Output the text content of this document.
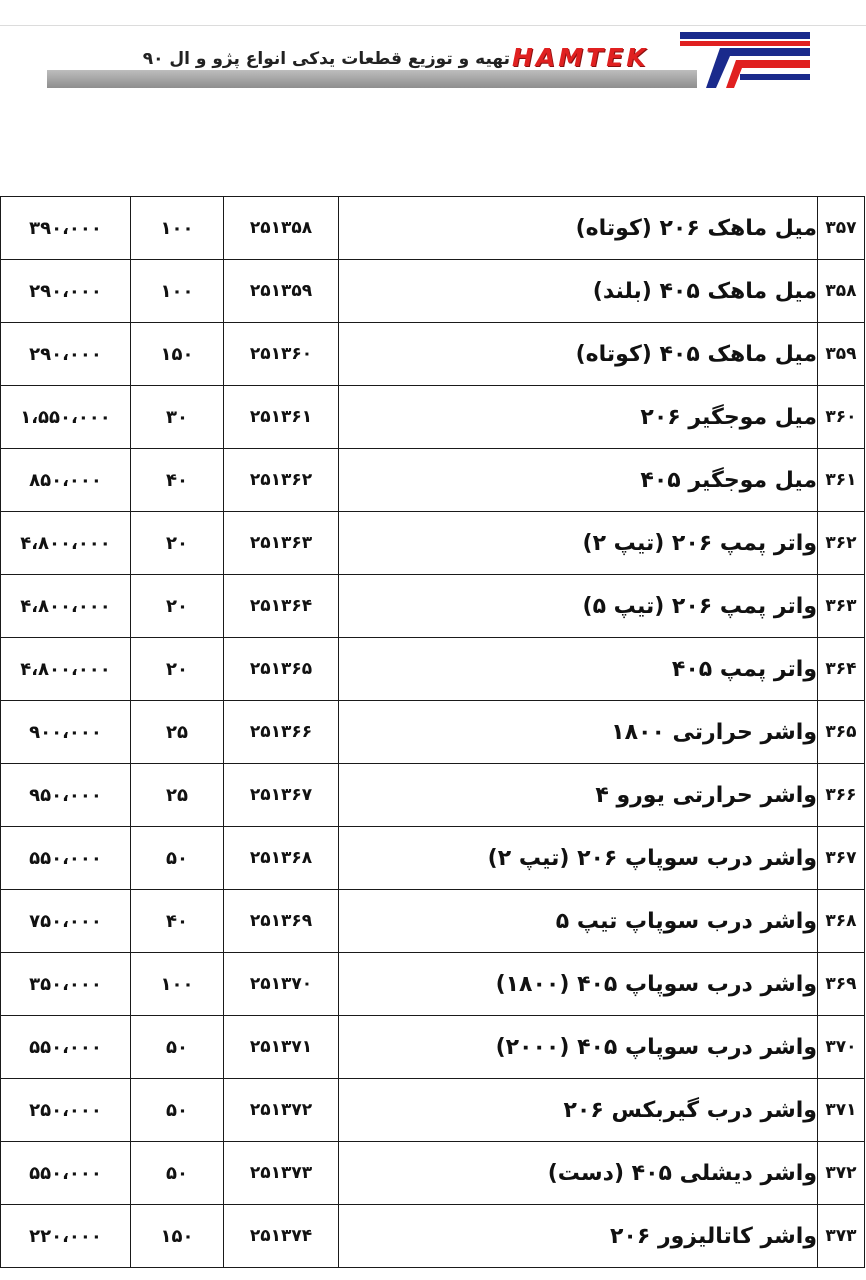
تهیه و توزیع قطعات یدکی انواع پژو و ال ۹۰ HAMTEK
۳۵۷	میل ماهک ۲۰۶ (کوتاه)	۲۵۱۳۵۸	۱۰۰	۳۹۰،۰۰۰
۳۵۸	میل ماهک ۴۰۵ (بلند)	۲۵۱۳۵۹	۱۰۰	۲۹۰،۰۰۰
۳۵۹	میل ماهک ۴۰۵ (کوتاه)	۲۵۱۳۶۰	۱۵۰	۲۹۰،۰۰۰
۳۶۰	میل موجگیر ۲۰۶	۲۵۱۳۶۱	۳۰	۱،۵۵۰،۰۰۰
۳۶۱	میل موجگیر ۴۰۵	۲۵۱۳۶۲	۴۰	۸۵۰،۰۰۰
۳۶۲	واتر پمپ ۲۰۶ (تیپ ۲)	۲۵۱۳۶۳	۲۰	۴،۸۰۰،۰۰۰
۳۶۳	واتر پمپ ۲۰۶ (تیپ ۵)	۲۵۱۳۶۴	۲۰	۴،۸۰۰،۰۰۰
۳۶۴	واتر پمپ ۴۰۵	۲۵۱۳۶۵	۲۰	۴،۸۰۰،۰۰۰
۳۶۵	واشر حرارتی ۱۸۰۰	۲۵۱۳۶۶	۲۵	۹۰۰،۰۰۰
۳۶۶	واشر حرارتی یورو ۴	۲۵۱۳۶۷	۲۵	۹۵۰،۰۰۰
۳۶۷	واشر درب سوپاپ ۲۰۶ (تیپ ۲)	۲۵۱۳۶۸	۵۰	۵۵۰،۰۰۰
۳۶۸	واشر درب سوپاپ تیپ ۵	۲۵۱۳۶۹	۴۰	۷۵۰،۰۰۰
۳۶۹	واشر درب سوپاپ ۴۰۵ (۱۸۰۰)	۲۵۱۳۷۰	۱۰۰	۳۵۰،۰۰۰
۳۷۰	واشر درب سوپاپ ۴۰۵ (۲۰۰۰)	۲۵۱۳۷۱	۵۰	۵۵۰،۰۰۰
۳۷۱	واشر درب گیربکس ۲۰۶	۲۵۱۳۷۲	۵۰	۲۵۰،۰۰۰
۳۷۲	واشر دیشلی ۴۰۵ (دست)	۲۵۱۳۷۳	۵۰	۵۵۰،۰۰۰
۳۷۳	واشر کاتالیزور ۲۰۶	۲۵۱۳۷۴	۱۵۰	۲۲۰،۰۰۰
